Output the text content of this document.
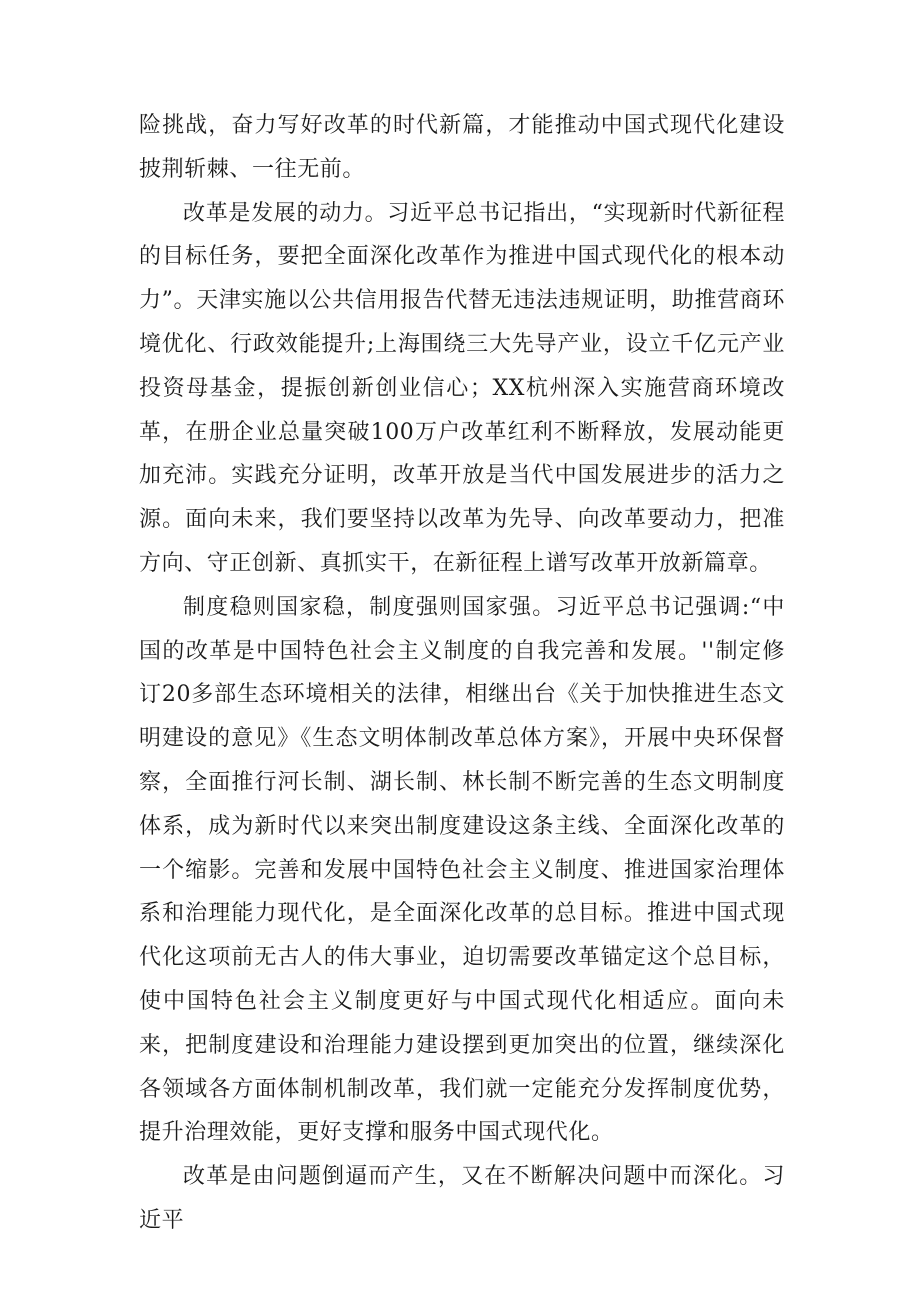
险挑战，奋力写好改革的时代新篇，才能推动中国式现代化建设披荆斩棘、一往无前。

改革是发展的动力。习近平总书记指出，“实现新时代新征程的目标任务，要把全面深化改革作为推进中国式现代化的根本动力”。天津实施以公共信用报告代替无违法违规证明，助推营商环境优化、行政效能提升;上海围绕三大先导产业，设立千亿元产业投资母基金，提振创新创业信心；XX杭州深入实施营商环境改革，在册企业总量突破100万户改革红利不断释放，发展动能更加充沛。实践充分证明，改革开放是当代中国发展进步的活力之源。面向未来，我们要坚持以改革为先导、向改革要动力，把准方向、守正创新、真抓实干，在新征程上谱写改革开放新篇章。

制度稳则国家稳，制度强则国家强。习近平总书记强调:“中国的改革是中国特色社会主义制度的自我完善和发展。''制定修订20多部生态环境相关的法律，相继出台《关于加快推进生态文明建设的意见》《生态文明体制改革总体方案》，开展中央环保督察，全面推行河长制、湖长制、林长制不断完善的生态文明制度体系，成为新时代以来突出制度建设这条主线、全面深化改革的一个缩影。完善和发展中国特色社会主义制度、推进国家治理体系和治理能力现代化，是全面深化改革的总目标。推进中国式现代化这项前无古人的伟大事业，迫切需要改革锚定这个总目标，使中国特色社会主义制度更好与中国式现代化相适应。面向未来，把制度建设和治理能力建设摆到更加突出的位置，继续深化各领域各方面体制机制改革，我们就一定能充分发挥制度优势，提升治理效能，更好支撑和服务中国式现代化。

改革是由问题倒逼而产生，又在不断解决问题中而深化。习近平
